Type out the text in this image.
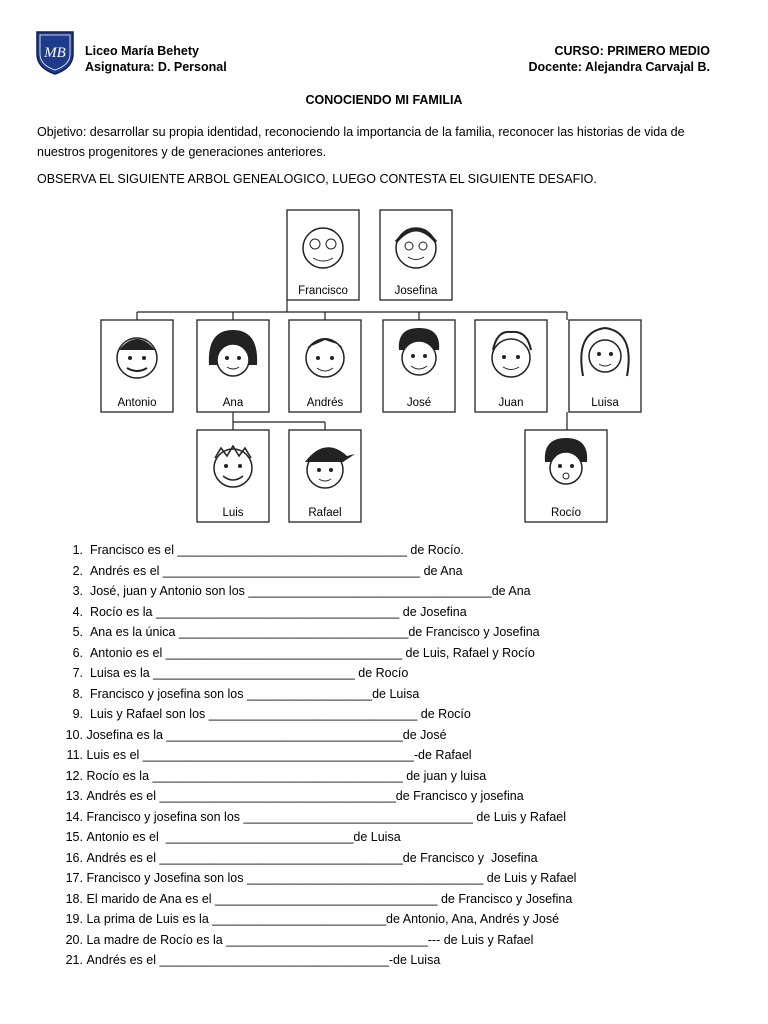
MB Liceo María Behety
Asignatura: D. Personal
CURSO: PRIMERO MEDIO
Docente: Alejandra Carvajal B.
CONOCIENDO MI FAMILIA
Objetivo: desarrollar su propia identidad, reconociendo la importancia de la familia, reconocer las historias de vida de nuestros progenitores y de generaciones anteriores.
OBSERVA EL SIGUIENTE ARBOL GENEALOGICO, LUEGO CONTESTA EL SIGUIENTE DESAFIO.
Francisco	Josefina
Antonio	Ana	Andrés	José	Juan	Luisa
Luis	Rafael	Rocío
1.
Francisco es el _________________________________ de Rocío.
2.
Andrés es el _____________________________________ de Ana
3.
José, juan y Antonio son los ___________________________________de Ana
4.
Rocío es la ___________________________________ de Josefina
5.
Ana es la única _________________________________de Francisco y Josefina
6.
Antonio es el __________________________________ de Luis, Rafael y Rocío
7.
Luisa es la _____________________________ de Rocío
8.
Francisco y josefina son los __________________de Luisa
9.
Luis y Rafael son los ______________________________ de Rocío
10.
Josefina es la __________________________________de José
11.
Luis es el _______________________________________-de Rafael
12.
Rocío es la ____________________________________ de juan y luisa
13.
Andrés es el __________________________________de Francisco y josefina
14.
Francisco y josefina son los _________________________________ de Luis y Rafael
15.
Antonio es el  ___________________________de Luisa
16.
Andrés es el ___________________________________de Francisco y  Josefina
17.
Francisco y Josefina son los __________________________________ de Luis y Rafael
18.
El marido de Ana es el ________________________________ de Francisco y Josefina
19.
La prima de Luis es la _________________________de Antonio, Ana, Andrés y José
20.
La madre de Rocío es la _____________________________--- de Luis y Rafael
21.
Andrés es el _________________________________-de Luisa
